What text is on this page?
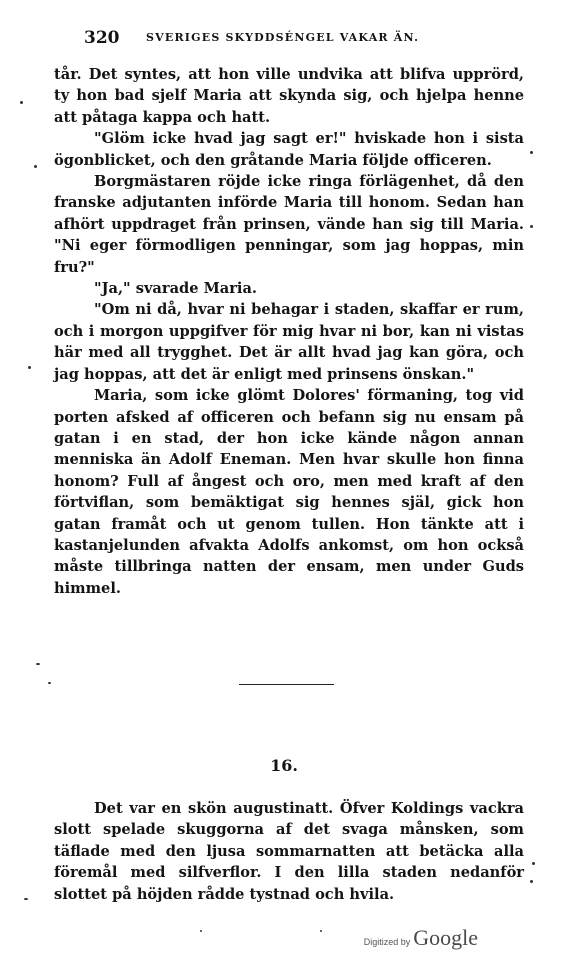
320 SVERIGES SKYDDSÉNGEL VAKAR ÄN.

tår. Det syntes, att hon ville undvika att blifva upprörd, ty hon bad sjelf Maria att skynda sig, och hjelpa henne att påtaga kappa och hatt.

"Glöm icke hvad jag sagt er!" hviskade hon i sista ögonblicket, och den gråtande Maria följde officeren.

Borgmästaren röjde icke ringa förlägenhet, då den franske adjutanten införde Maria till honom. Sedan han afhört uppdraget från prinsen, vände han sig till Maria. "Ni eger förmodligen penningar, som jag hoppas, min fru?"

"Ja," svarade Maria.

"Om ni då, hvar ni behagar i staden, skaffar er rum, och i morgon uppgifver för mig hvar ni bor, kan ni vistas här med all trygghet. Det är allt hvad jag kan göra, och jag hoppas, att det är enligt med prinsens önskan."

Maria, som icke glömt Dolores' förmaning, tog vid porten afsked af officeren och befann sig nu ensam på gatan i en stad, der hon icke kände någon annan menniska än Adolf Eneman. Men hvar skulle hon finna honom? Full af ångest och oro, men med kraft af den förtviflan, som bemäktigat sig hennes själ, gick hon gatan framåt och ut genom tullen. Hon tänkte att i kastanjelunden afvakta Adolfs ankomst, om hon också måste tillbringa natten der ensam, men under Guds himmel.

16.

Det var en skön augustinatt. Öfver Koldings vackra slott spelade skuggorna af det svaga månsken, som täflade med den ljusa sommarnatten att betäcka alla föremål med silfverflor. I den lilla staden nedanför slottet på höjden rådde tystnad och hvila.

Digitized by Google
